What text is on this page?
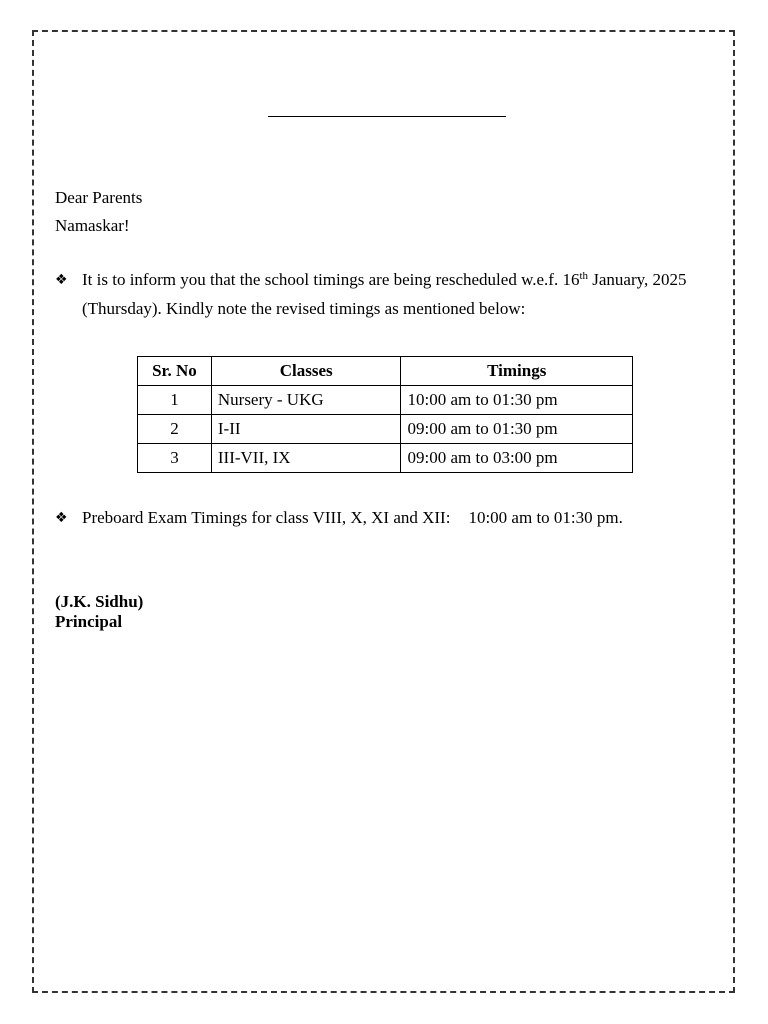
Dear Parents
Namaskar!
❖ It is to inform you that the school timings are being rescheduled w.e.f. 16th January, 2025
(Thursday). Kindly note the revised timings as mentioned below:
Sr. No	Classes	Timings
1	Nursery - UKG	10:00 am to 01:30 pm
2	I-II	09:00 am to 01:30 pm
3	III-VII, IX	09:00 am to 03:00 pm
❖ Preboard Exam Timings for class VIII, X, XI and XII: 10:00 am to 01:30 pm.
(J.K. Sidhu)
Principal
